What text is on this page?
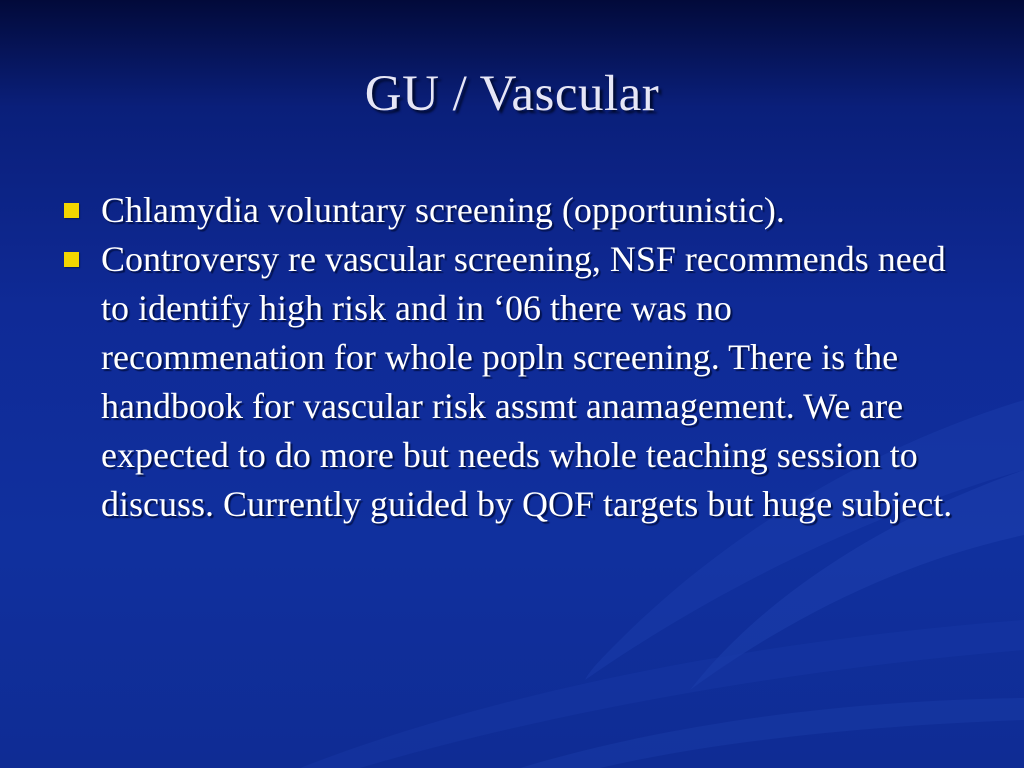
GU / Vascular
Chlamydia voluntary screening (opportunistic).
Controversy re vascular screening, NSF recommends need to identify high risk and in ‘06 there was no recommenation for whole popln screening. There is the handbook for vascular risk assmt anamagement. We are expected to do more but needs whole teaching session to discuss. Currently guided by QOF targets but huge subject.
